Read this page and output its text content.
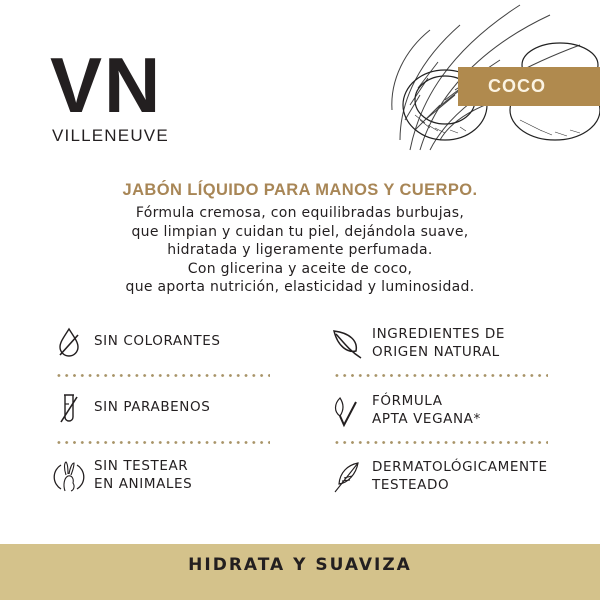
VN
VILLENEUVE
COCO
JABÓN LÍQUIDO PARA MANOS Y CUERPO.
Fórmula cremosa, con equilibradas burbujas,
que limpian y cuidan tu piel, dejándola suave,
hidratada y ligeramente perfumada.
Con glicerina y aceite de coco,
que aporta nutrición, elasticidad y luminosidad.
SIN COLORANTES
SIN PARABENOS
SIN TESTEAR
EN ANIMALES
INGREDIENTES DE
ORIGEN NATURAL
FÓRMULA
APTA VEGANA*
DERMATOLÓGICAMENTE
TESTEADO
HIDRATA Y SUAVIZA
